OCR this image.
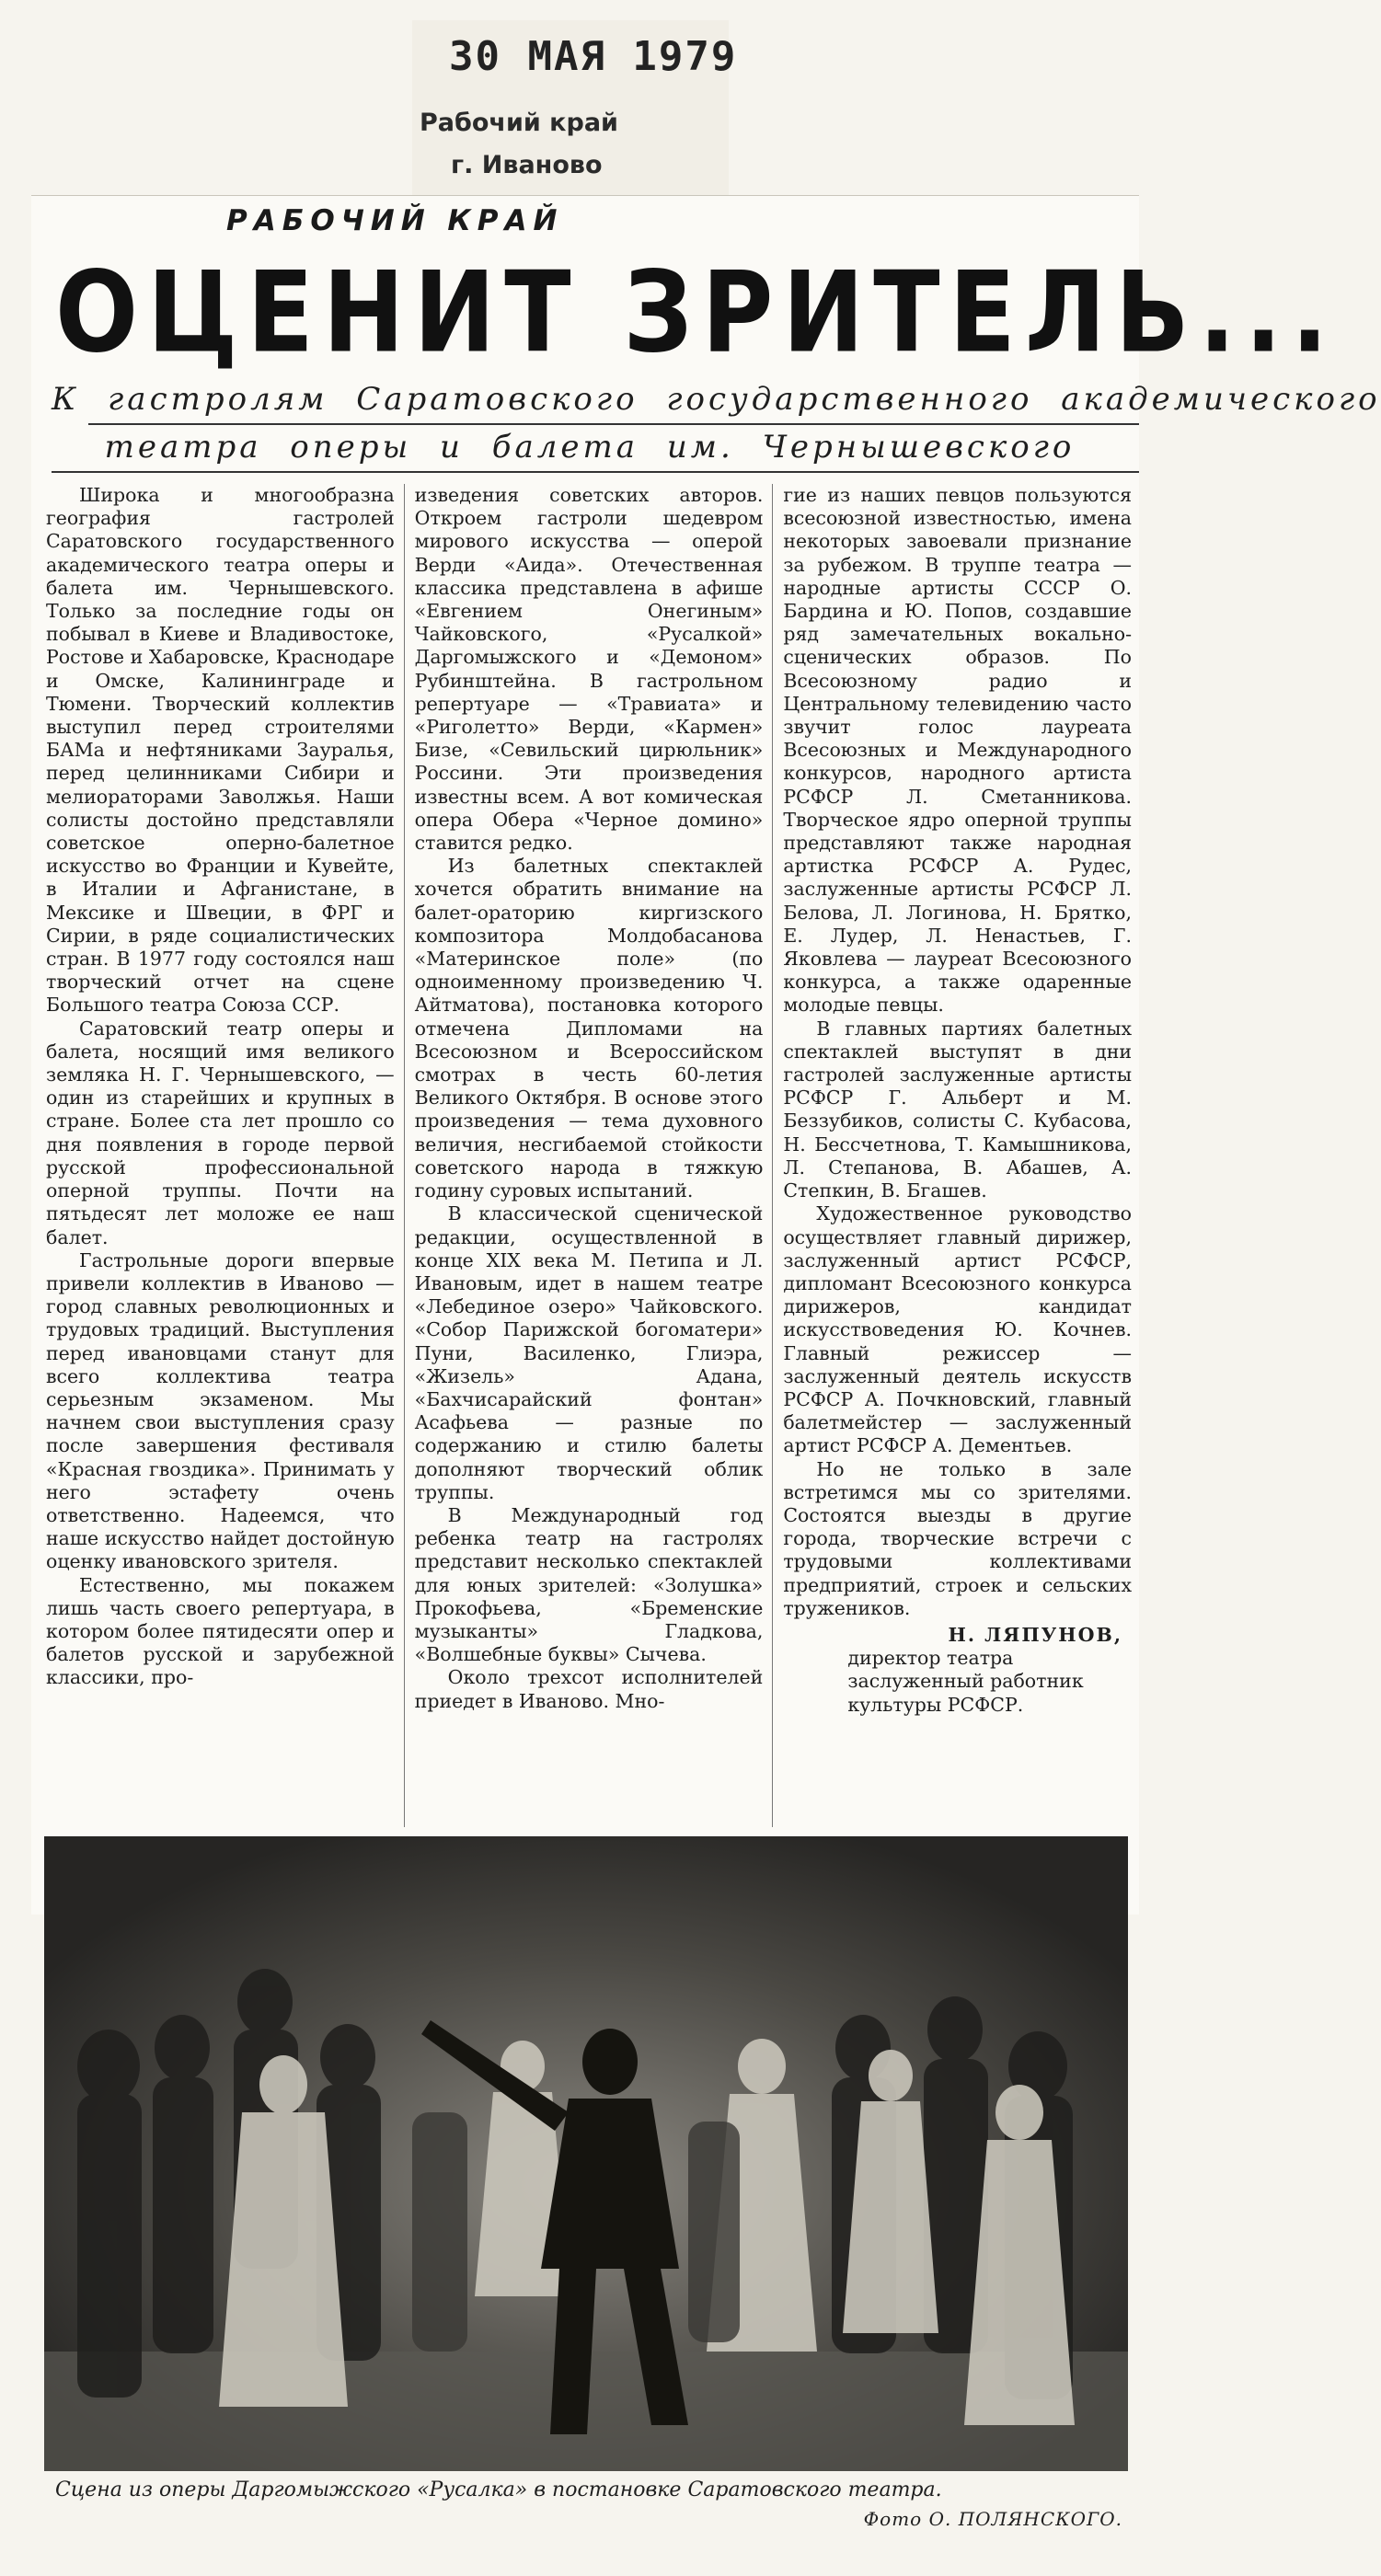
30 МАЯ 1979
Рабочий край
г. Иваново
РАБОЧИЙ КРАЙ
ОЦЕНИТ ЗРИТЕЛЬ...
К гастролям Саратовского государственного академического
театра оперы и балета им. Чернышевского

Широка и многообразна география гастролей Саратовского государственного академического театра оперы и балета им. Чернышевского. Только за последние годы он побывал в Киеве и Владивостоке, Ростове и Хабаровске, Краснодаре и Омске, Калининграде и Тюмени. Творческий коллектив выступил перед строителями БАМа и нефтяниками Зауралья, перед целинниками Сибири и мелиораторами Заволжья. Наши солисты достойно представляли советское оперно-балетное искусство во Франции и Кувейте, в Италии и Афганистане, в Мексике и Швеции, в ФРГ и Сирии, в ряде социалистических стран. В 1977 году состоялся наш творческий отчет на сцене Большого театра Союза ССР.

Саратовский театр оперы и балета, носящий имя великого земляка Н. Г. Чернышевского, — один из старейших и крупных в стране. Более ста лет прошло со дня появления в городе первой русской профессиональной оперной труппы. Почти на пятьдесят лет моложе ее наш балет.

Гастрольные дороги впервые привели коллектив в Иваново — город славных революционных и трудовых традиций. Выступления перед ивановцами станут для всего коллектива театра серьезным экзаменом. Мы начнем свои выступления сразу после завершения фестиваля «Красная гвоздика». Принимать у него эстафету очень ответственно. Надеемся, что наше искусство найдет достойную оценку ивановского зрителя.

Естественно, мы покажем лишь часть своего репертуара, в котором более пятидесяти опер и балетов русской и зарубежной классики, про-

изведения советских авторов. Откроем гастроли шедевром мирового искусства — оперой Верди «Аида». Отечественная классика представлена в афише «Евгением Онегиным» Чайковского, «Русалкой» Даргомыжского и «Демоном» Рубинштейна. В гастрольном репертуаре — «Травиата» и «Риголетто» Верди, «Кармен» Бизе, «Севильский цирюльник» Россини. Эти произведения известны всем. А вот комическая опера Обера «Черное домино» ставится редко.

Из балетных спектаклей хочется обратить внимание на балет-ораторию киргизского композитора Молдобасанова «Материнское поле» (по одноименному произведению Ч. Айтматова), постановка которого отмечена Дипломами на Всесоюзном и Всероссийском смотрах в честь 60-летия Великого Октября. В основе этого произведения — тема духовного величия, несгибаемой стойкости советского народа в тяжкую годину суровых испытаний.

В классической сценической редакции, осуществленной в конце XIX века М. Петипа и Л. Ивановым, идет в нашем театре «Лебединое озеро» Чайковского. «Собор Парижской богоматери» Пуни, Василенко, Глиэра, «Жизель» Адана, «Бахчисарайский фонтан» Асафьева — разные по содержанию и стилю балеты дополняют творческий облик труппы.

В Международный год ребенка театр на гастролях представит несколько спектаклей для юных зрителей: «Золушка» Прокофьева, «Бременские музыканты» Гладкова, «Волшебные буквы» Сычева.

Около трехсот исполнителей приедет в Иваново. Мно-

гие из наших певцов пользуются всесоюзной известностью, имена некоторых завоевали признание за рубежом. В труппе театра — народные артисты СССР О. Бардина и Ю. Попов, создавшие ряд замечательных вокально-сценических образов. По Всесоюзному радио и Центральному телевидению часто звучит голос лауреата Всесоюзных и Международного конкурсов, народного артиста РСФСР Л. Сметанникова. Творческое ядро оперной труппы представляют также народная артистка РСФСР А. Рудес, заслуженные артисты РСФСР Л. Белова, Л. Логинова, Н. Брятко, Е. Лудер, Л. Ненастьев, Г. Яковлева — лауреат Всесоюзного конкурса, а также одаренные молодые певцы.

В главных партиях балетных спектаклей выступят в дни гастролей заслуженные артисты РСФСР Г. Альберт и М. Беззубиков, солисты С. Кубасова, Н. Бессчетнова, Т. Камышникова, Л. Степанова, В. Абашев, А. Степкин, В. Бгашев.

Художественное руководство осуществляет главный дирижер, заслуженный артист РСФСР, дипломант Всесоюзного конкурса дирижеров, кандидат искусствоведения Ю. Кочнев. Главный режиссер — заслуженный деятель искусств РСФСР А. Почкновский, главный балетмейстер — заслуженный артист РСФСР А. Дементьев.

Но не только в зале встретимся мы со зрителями. Состоятся выезды в другие города, творческие встречи с трудовыми коллективами предприятий, строек и сельских тружеников.

Н. ЛЯПУНОВ,
директор театра заслуженный работник культуры РСФСР.
Сцена из оперы Даргомыжского «Русалка» в постановке Саратовского театра.
Фото О. ПОЛЯНСКОГО.
